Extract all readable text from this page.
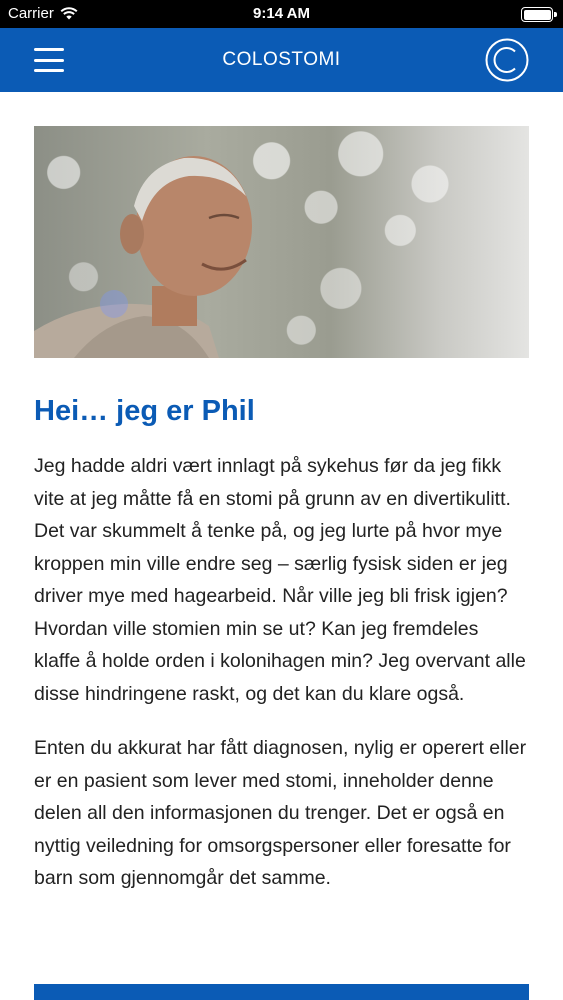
Carrier	9:14 AM
COLOSTOMI
Hei… jeg er Phil

Jeg hadde aldri vært innlagt på sykehus før da jeg fikk vite at jeg måtte få en stomi på grunn av en divertikulitt. Det var skummelt å tenke på, og jeg lurte på hvor mye kroppen min ville endre seg – særlig fysisk siden er jeg driver mye med hagearbeid. Når ville jeg bli frisk igjen? Hvordan ville stomien min se ut? Kan jeg fremdeles klaffe å holde orden i kolonihagen min? Jeg overvant alle disse hindringene raskt, og det kan du klare også.

Enten du akkurat har fått diagnosen, nylig er operert eller er en pasient som lever med stomi, inneholder denne delen all den informasjonen du trenger. Det er også en nyttig veiledning for omsorgspersoner eller foresatte for barn som gjennomgår det samme.
